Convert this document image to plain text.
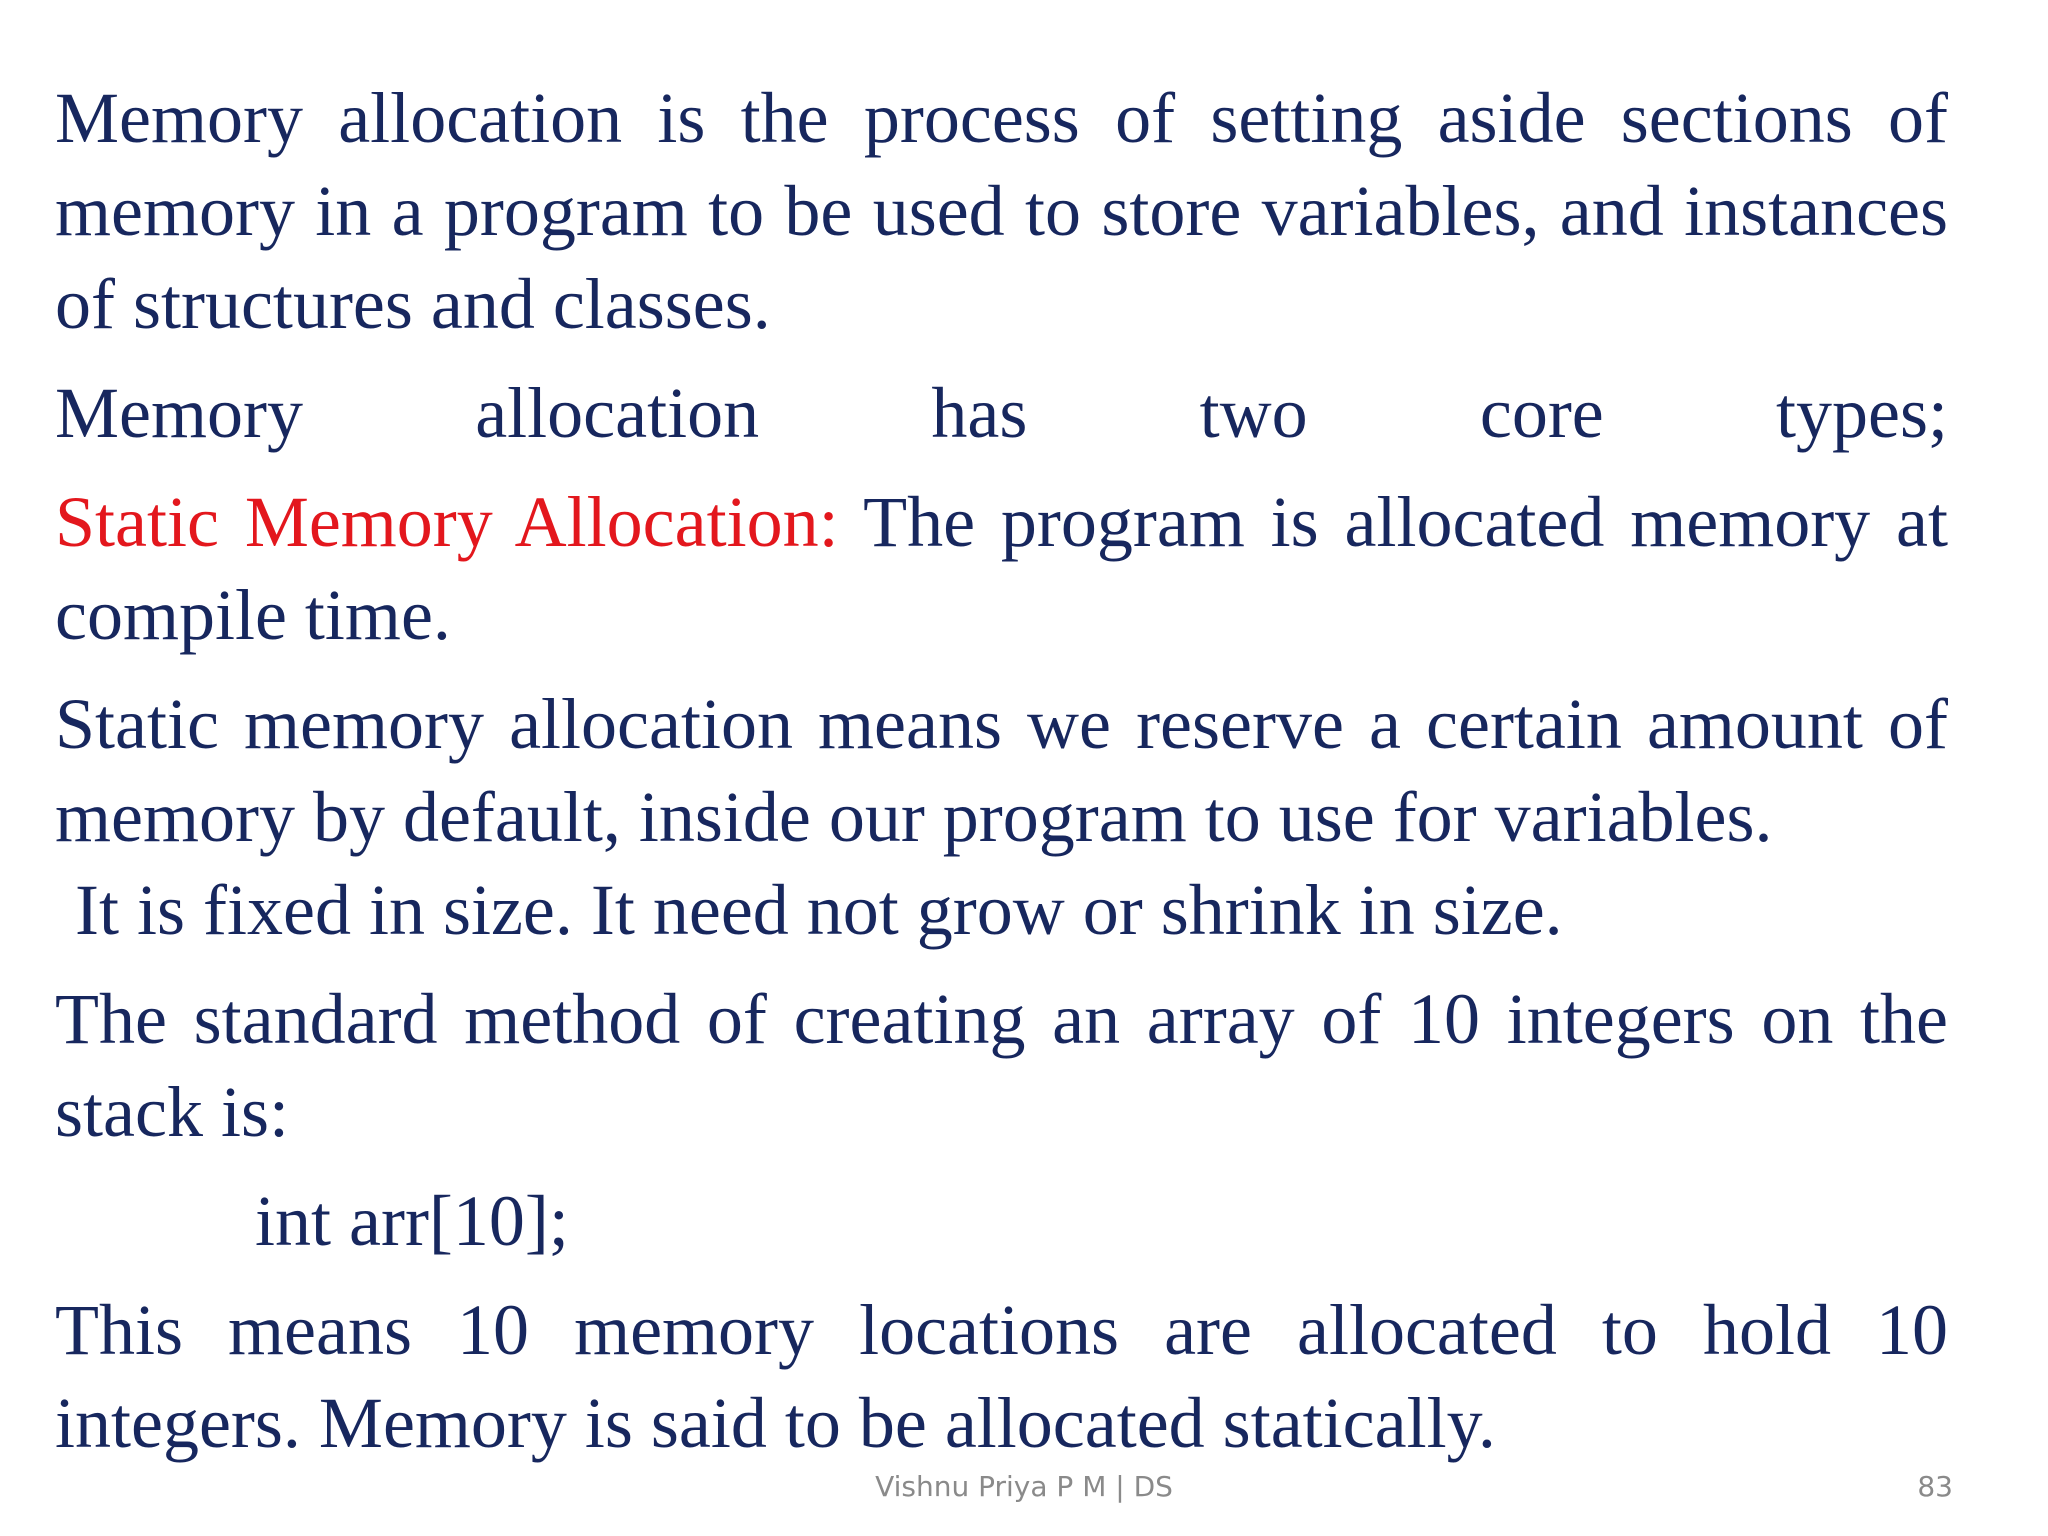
Memory allocation is the process of setting aside sections of memory in a program to be used to store variables, and instances of structures and classes.

Memory allocation has two core types;

Static Memory Allocation: The program is allocated memory at compile time.

Static memory allocation means we reserve a certain amount of memory by default, inside our program to use for variables.
It is fixed in size. It need not grow or shrink in size.

The standard method of creating an array of 10 integers on the stack is:

int arr[10];

This means 10 memory locations are allocated to hold 10 integers. Memory is said to be allocated statically.

Vishnu Priya P M | DS	83
